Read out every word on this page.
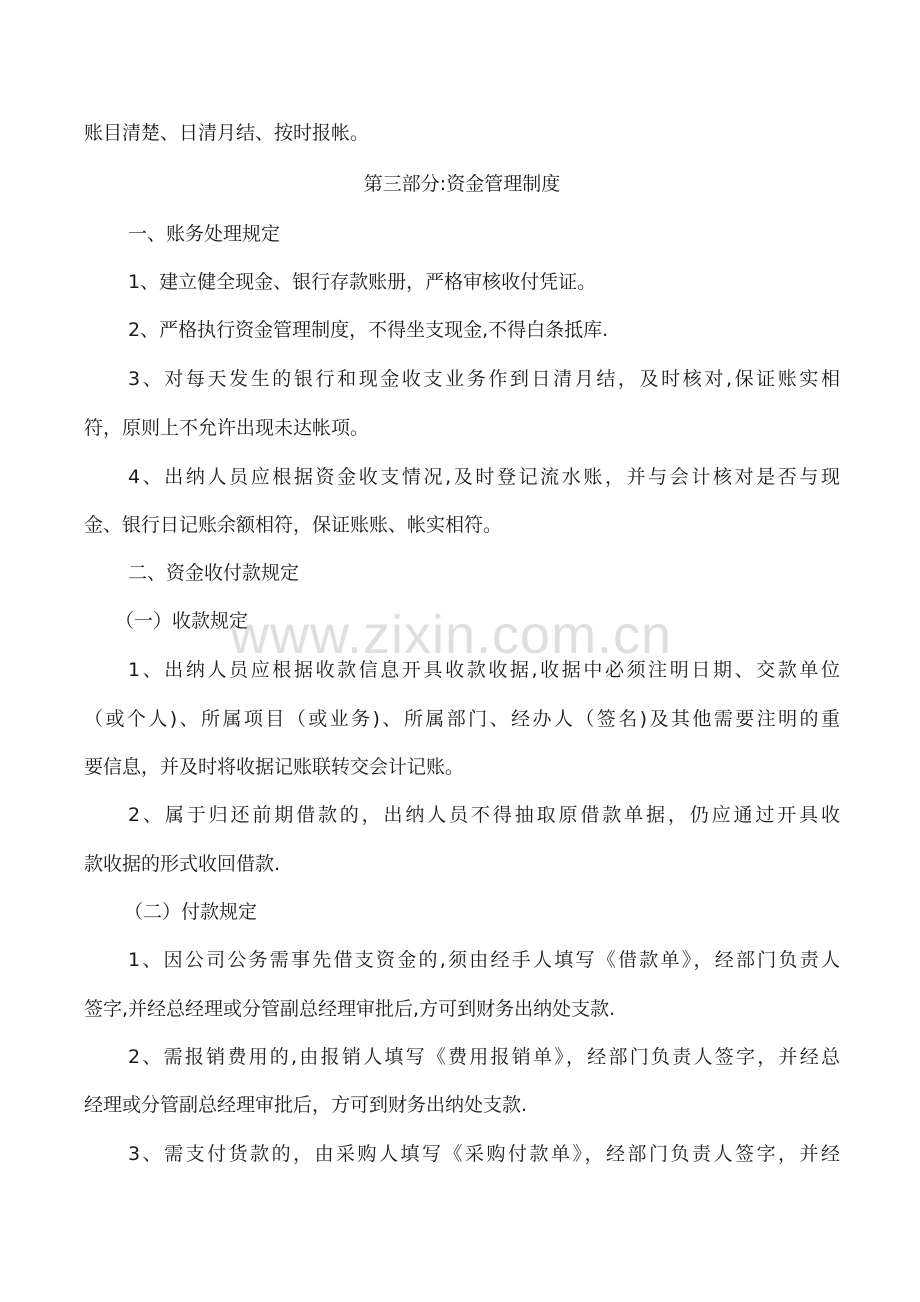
www.zixin.com.cn
账目清楚、日清月结、按时报帐。
第三部分:资金管理制度
一、账务处理规定
1、建立健全现金、银行存款账册，严格审核收付凭证。
2、严格执行资金管理制度，不得坐支现金,不得白条抵库.
3、对每天发生的银行和现金收支业务作到日清月结，及时核对,保证账实相
符，原则上不允许出现未达帐项。
4、出纳人员应根据资金收支情况,及时登记流水账，并与会计核对是否与现
金、银行日记账余额相符，保证账账、帐实相符。
二、资金收付款规定
（一）收款规定
1、出纳人员应根据收款信息开具收款收据,收据中必须注明日期、交款单位
（或个人)、所属项目（或业务)、所属部门、经办人（签名)及其他需要注明的重
要信息，并及时将收据记账联转交会计记账。
2、属于归还前期借款的，出纳人员不得抽取原借款单据，仍应通过开具收
款收据的形式收回借款.
（二）付款规定
1、因公司公务需事先借支资金的,须由经手人填写《借款单》，经部门负责人
签字,并经总经理或分管副总经理审批后,方可到财务出纳处支款.
2、需报销费用的,由报销人填写《费用报销单》，经部门负责人签字，并经总
经理或分管副总经理审批后，方可到财务出纳处支款.
3、需支付货款的，由采购人填写《采购付款单》，经部门负责人签字，并经
